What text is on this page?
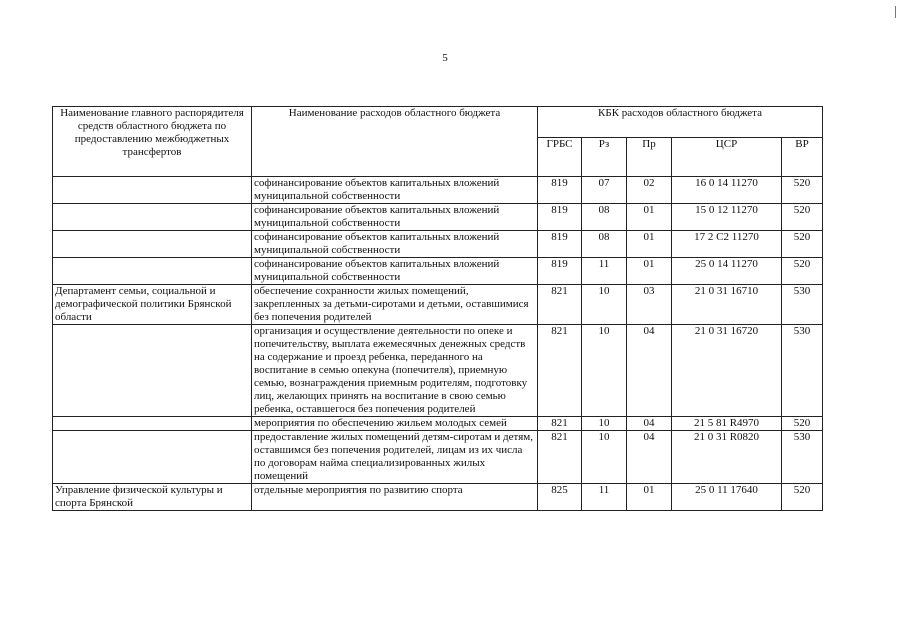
5
Наименование главного распорядителя средств областного бюджета по предоставлению межбюджетных трансфертов	Наименование расходов областного бюджета	КБК расходов областного бюджета				
		ГРБС	Рз	Пр	ЦСР	ВР
	софинансирование объектов капитальных вложений муниципальной собственности	819	07	02	16 0 14 11270	520
	софинансирование объектов капитальных вложений муниципальной собственности	819	08	01	15 0 12 11270	520
	софинансирование объектов капитальных вложений муниципальной собственности	819	08	01	17 2 С2 11270	520
	софинансирование объектов капитальных вложений муниципальной собственности	819	11	01	25 0 14 11270	520
Департамент семьи, социальной и демографической политики Брянской области	обеспечение сохранности жилых помещений, закрепленных за детьми-сиротами и детьми, оставшимися без попечения родителей	821	10	03	21 0 31 16710	530
	организация и осуществление деятельности по опеке и попечительству, выплата ежемесячных денежных средств на содержание и проезд ребенка, переданного на воспитание в семью опекуна (попечителя), приемную семью, вознаграждения приемным родителям, подготовку лиц, желающих принять на воспитание в свою семью ребенка, оставшегося без попечения родителей	821	10	04	21 0 31 16720	530
	мероприятия по обеспечению жильем молодых семей	821	10	04	21 5 81 R4970	520
	предоставление жилых помещений детям-сиротам и детям, оставшимся без попечения родителей, лицам из их числа по договорам найма специализированных жилых помещений	821	10	04	21 0 31 R0820	530
Управление физической культуры и спорта Брянской	отдельные мероприятия по развитию спорта	825	11	01	25 0 11 17640	520
